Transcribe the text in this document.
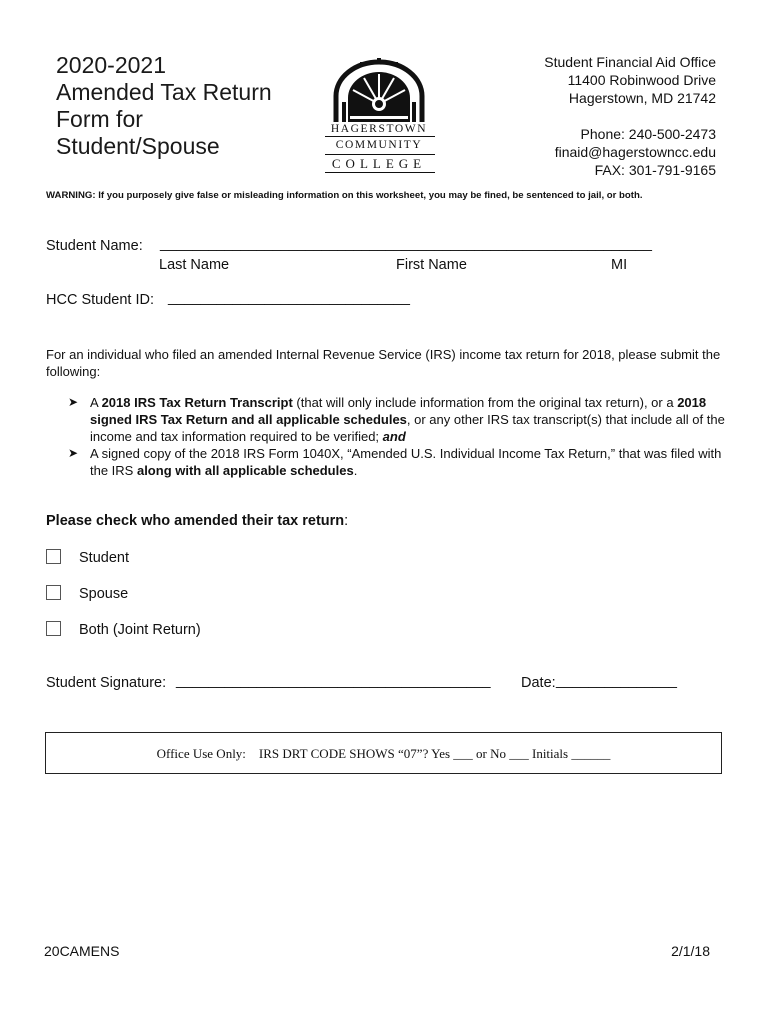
2020-2021
Amended Tax Return
Form for
Student/Spouse
HAGERSTOWN
COMMUNITY
COLLEGE
Student Financial Aid Office
11400 Robinwood Drive
Hagerstown, MD 21742
Phone: 240-500-2473
finaid@hagerstowncc.edu
FAX: 301-791-9165
WARNING: If you purposely give false or misleading information on this worksheet, you may be fined, be sentenced to jail, or both.
Student Name: _____________________________________________________________
Last Name	First Name	MI
HCC Student ID: ______________________________
For an individual who filed an amended Internal Revenue Service (IRS) income tax return for 2018, please submit the following:
➤ A 2018 IRS Tax Return Transcript (that will only include information from the original tax return), or a 2018 signed IRS Tax Return and all applicable schedules, or any other IRS tax transcript(s) that include all of the income and tax information required to be verified; and
➤ A signed copy of the 2018 IRS Form 1040X, “Amended U.S. Individual Income Tax Return,” that was filed with the IRS along with all applicable schedules.
Please check who amended their tax return:
Student
Spouse
Both (Joint Return)
Student Signature: _______________________________________ Date: _______________
Office Use Only: IRS DRT CODE SHOWS “07”? Yes ___ or No ___ Initials ______
20CAMENS	2/1/18
